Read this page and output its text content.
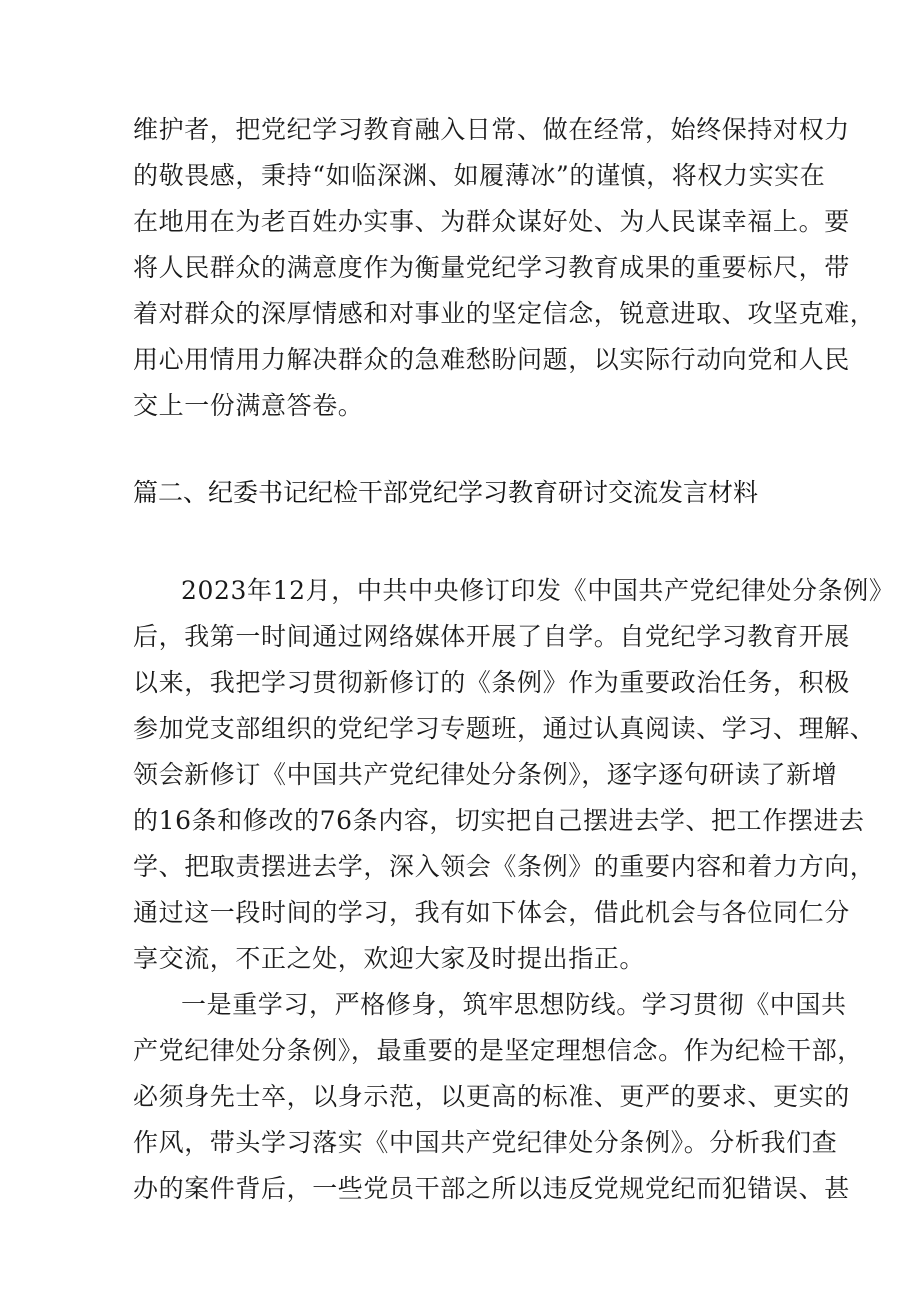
维护者，把党纪学习教育融入日常、做在经常，始终保持对权力
的敬畏感，秉持“如临深渊、如履薄冰”的谨慎，将权力实实在
在地用在为老百姓办实事、为群众谋好处、为人民谋幸福上。要
将人民群众的满意度作为衡量党纪学习教育成果的重要标尺，带
着对群众的深厚情感和对事业的坚定信念，锐意进取、攻坚克难，
用心用情用力解决群众的急难愁盼问题，以实际行动向党和人民
交上一份满意答卷。
篇二、纪委书记纪检干部党纪学习教育研讨交流发言材料
2023年12月，中共中央修订印发《中国共产党纪律处分条例》
后，我第一时间通过网络媒体开展了自学。自党纪学习教育开展
以来，我把学习贯彻新修订的《条例》作为重要政治任务，积极
参加党支部组织的党纪学习专题班，通过认真阅读、学习、理解、
领会新修订《中国共产党纪律处分条例》，逐字逐句研读了新增
的16条和修改的76条内容，切实把自己摆进去学、把工作摆进去
学、把取责摆进去学，深入领会《条例》的重要内容和着力方向，
通过这一段时间的学习，我有如下体会，借此机会与各位同仁分
享交流，不正之处，欢迎大家及时提出指正。
一是重学习，严格修身，筑牢思想防线。学习贯彻《中国共
产党纪律处分条例》，最重要的是坚定理想信念。作为纪检干部，
必须身先士卒，以身示范，以更高的标准、更严的要求、更实的
作风，带头学习落实《中国共产党纪律处分条例》。分析我们查
办的案件背后，一些党员干部之所以违反党规党纪而犯错误、甚
